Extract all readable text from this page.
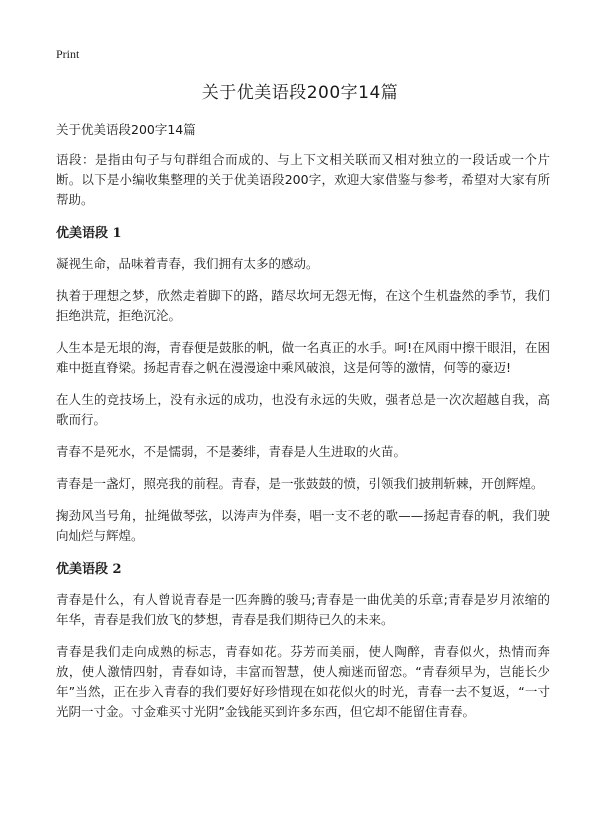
Print
关于优美语段200字14篇

关于优美语段200字14篇

语段：是指由句子与句群组合而成的、与上下文相关联而又相对独立的一段话或一个片断。以下是小编收集整理的关于优美语段200字，欢迎大家借鉴与参考，希望对大家有所帮助。

优美语段 1

凝视生命，品味着青春，我们拥有太多的感动。

执着于理想之梦，欣然走着脚下的路，踏尽坎坷无怨无悔，在这个生机盎然的季节，我们拒绝洪荒，拒绝沉沦。

人生本是无垠的海，青春便是鼓胀的帆，做一名真正的水手。呵!在风雨中擦干眼泪，在困难中挺直脊梁。扬起青春之帆在漫漫途中乘风破浪，这是何等的激情，何等的豪迈!

在人生的竞技场上，没有永远的成功，也没有永远的失败，强者总是一次次超越自我，高歌而行。

青春不是死水，不是懦弱，不是萎绯，青春是人生进取的火苗。

青春是一盏灯，照亮我的前程。青春，是一张鼓鼓的愤，引领我们披荆斩棘，开创辉煌。

掬劲风当号角，扯绳做琴弦，以涛声为伴奏，唱一支不老的歌——扬起青春的帆，我们驶向灿烂与辉煌。

优美语段 2

青春是什么，有人曾说青春是一匹奔腾的骏马;青春是一曲优美的乐章;青春是岁月浓缩的年华，青春是我们放飞的梦想，青春是我们期待已久的未来。

青春是我们走向成熟的标志，青春如花。芬芳而美丽，使人陶醉，青春似火，热情而奔放，使人激情四射，青春如诗，丰富而智慧，使人痴迷而留恋。“青春须早为，岂能长少年”当然，正在步入青春的我们要好好珍惜现在如花似火的时光，青春一去不复返，“一寸光阴一寸金。寸金难买寸光阴”金钱能买到许多东西，但它却不能留住青春。
